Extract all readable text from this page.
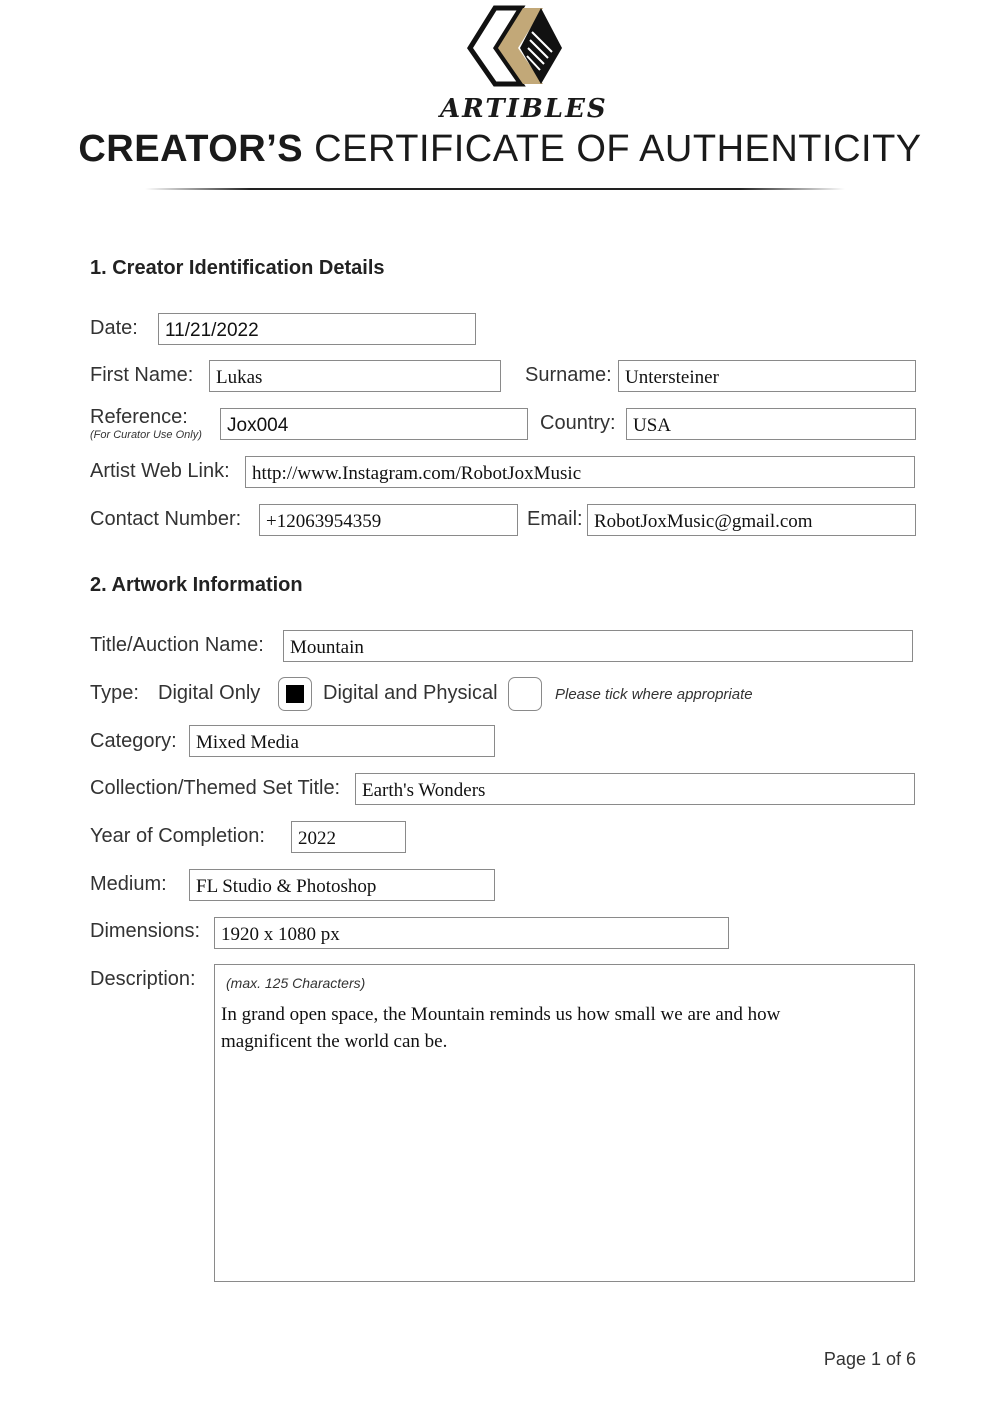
ARTIBLES
CREATOR’S CERTIFICATE OF AUTHENTICITY
1. Creator Identification Details
Date:	11/21/2022
First Name:	Lukas	Surname: Untersteiner
Reference:
(For Curator Use Only)	Jox004	Country: USA
Artist Web Link:	http://www.Instagram.com/RobotJoxMusic
Contact Number:	+12063954359	Email: RobotJoxMusic@gmail.com
2. Artwork Information
Title/Auction Name:	Mountain
Type: Digital Only	Digital and Physical	Please tick where appropriate
Category:	Mixed Media
Collection/Themed Set Title:	Earth's Wonders
Year of Completion:	2022
Medium:	FL Studio & Photoshop
Dimensions:	1920 x 1080 px
Description: (max. 125 Characters)
In grand open space, the Mountain reminds us how small we are and how magnificent the world can be.
Page 1 of 6
